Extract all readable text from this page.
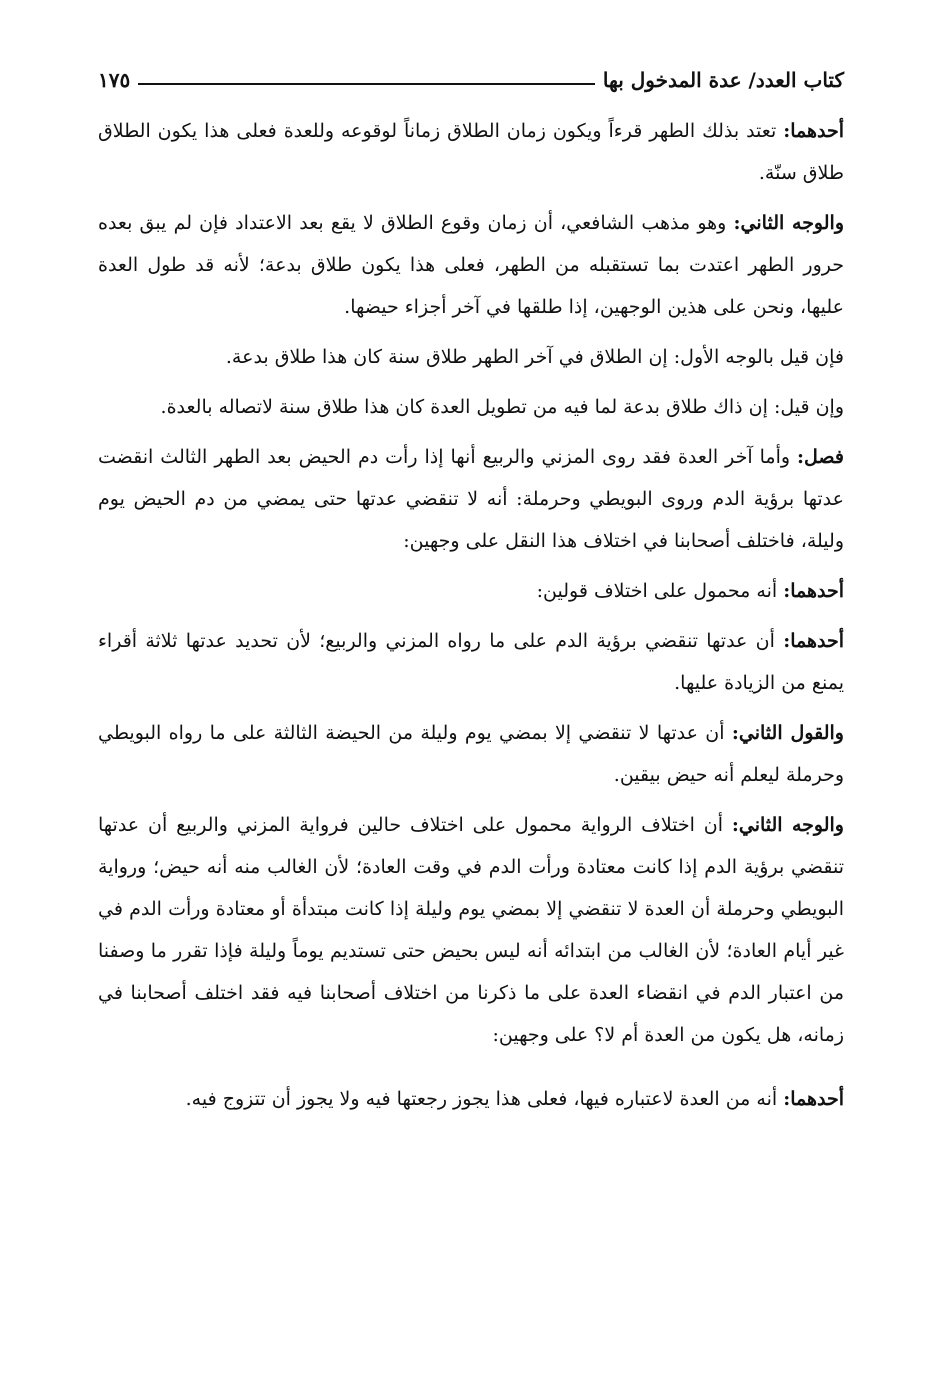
كتاب العدد/ عدة المدخول بها
١٧٥

أحدهما: تعتد بذلك الطهر قرءاً ويكون زمان الطلاق زماناً لوقوعه وللعدة فعلى هذا يكون الطلاق طلاق سنّة.

والوجه الثاني: وهو مذهب الشافعي، أن زمان وقوع الطلاق لا يقع بعد الاعتداد فإن لم يبق بعده حرور الطهر اعتدت بما تستقبله من الطهر، فعلى هذا يكون طلاق بدعة؛ لأنه قد طول العدة عليها، ونحن على هذين الوجهين، إذا طلقها في آخر أجزاء حيضها.

فإن قيل بالوجه الأول: إن الطلاق في آخر الطهر طلاق سنة كان هذا طلاق بدعة.

وإن قيل: إن ذاك طلاق بدعة لما فيه من تطويل العدة كان هذا طلاق سنة لاتصاله بالعدة.

فصل: وأما آخر العدة فقد روى المزني والربيع أنها إذا رأت دم الحيض بعد الطهر الثالث انقضت عدتها برؤية الدم وروى البويطي وحرملة: أنه لا تنقضي عدتها حتى يمضي من دم الحيض يوم وليلة، فاختلف أصحابنا في اختلاف هذا النقل على وجهين:

أحدهما: أنه محمول على اختلاف قولين:

أحدهما: أن عدتها تنقضي برؤية الدم على ما رواه المزني والربيع؛ لأن تحديد عدتها ثلاثة أقراء يمنع من الزيادة عليها.

والقول الثاني: أن عدتها لا تنقضي إلا بمضي يوم وليلة من الحيضة الثالثة على ما رواه البويطي وحرملة ليعلم أنه حيض بيقين.

والوجه الثاني: أن اختلاف الرواية محمول على اختلاف حالين فرواية المزني والربيع أن عدتها تنقضي برؤية الدم إذا كانت معتادة ورأت الدم في وقت العادة؛ لأن الغالب منه أنه حيض؛ ورواية البويطي وحرملة أن العدة لا تنقضي إلا بمضي يوم وليلة إذا كانت مبتدأة أو معتادة ورأت الدم في غير أيام العادة؛ لأن الغالب من ابتدائه أنه ليس بحيض حتى تستديم يوماً وليلة فإذا تقرر ما وصفنا من اعتبار الدم في انقضاء العدة على ما ذكرنا من اختلاف أصحابنا فيه فقد اختلف أصحابنا في زمانه، هل يكون من العدة أم لا؟ على وجهين:

أحدهما: أنه من العدة لاعتباره فيها، فعلى هذا يجوز رجعتها فيه ولا يجوز أن تتزوج فيه.
